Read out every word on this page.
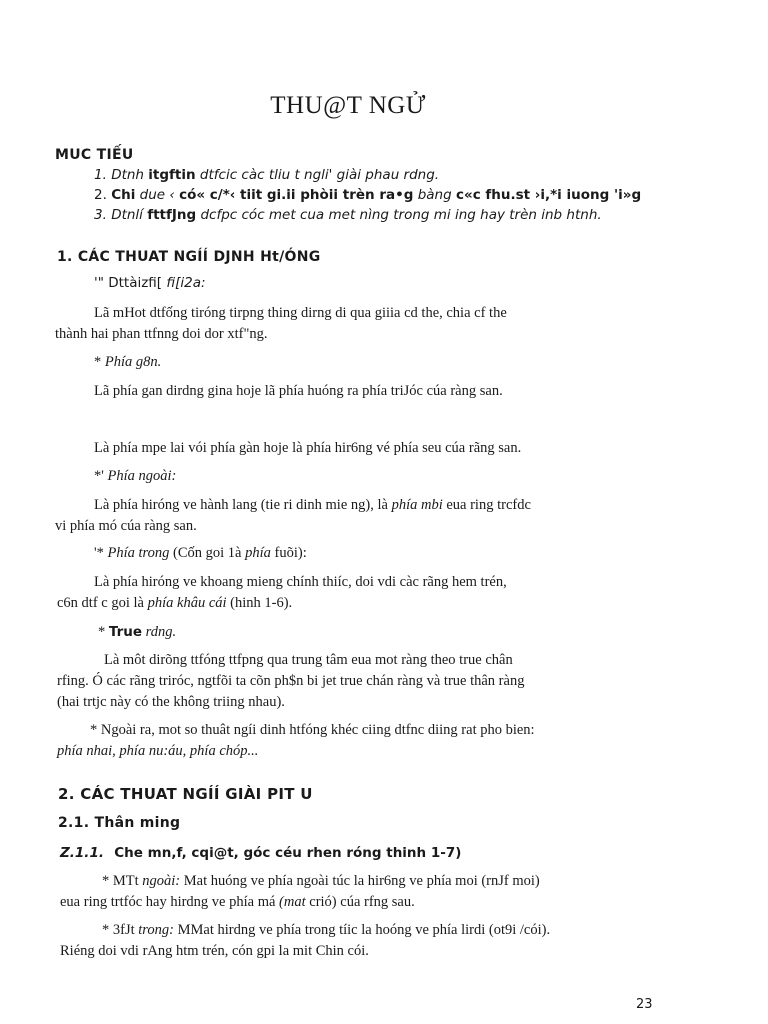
THU@T NGỬ
MUC TIẾU
1. Dtnh itgftin dtfcic càc tliu t ngli' giài phau rdng.
2. Chi due ‹ có« c/*‹ tiit gi.ii phòii trèn ra•g bàng c«c fhu.st ›i,*i iuong 'i»g
3. Dtnlí fttfJng dcfpc cóc met cua met nìng trong mi ing hay trèn inb htnh.
1. CÁC THUAT NGÍÍ DJNH Ht/ÓNG
'" Dttàizfi[ fi[i2a:
Lã mHot dtfống tiróng tirpng thing dirng di qua giiia cd the, chia cf the
thành hai phan ttfnng doi dor xtf"ng.
* Phía g8n.
Lã phía gan dirdng gina hoje lã phía huóng ra phía triJóc cúa ràng san.
Là phía mpe lai vói phía gàn hoje là phía hir6ng vé phía seu cúa rãng san.
*' Phía ngoài:
Là phía hiróng ve hành lang (tie ri dinh mie ng), là phía mbi eua ring trcfdc
vi phía mó cúa ràng san.
'* Phía trong (Cốn goi 1à phía fuõi):
Là phía hiróng ve khoang mieng chính thiíc, doi vdi càc rãng hem trén,
c6n dtf c goi là phía khâu cái (hinh 1-6).
* True rdng.
Là môt dirõng ttfóng ttfpng qua trung tâm eua mot ràng theo true chân
rfing. Ó các rãng triróc, ngtfõi ta cõn ph$n bi jet true chán ràng và true thân ràng
(hai trtjc này có the không triing nhau).
* Ngoài ra, mot so thuât ngíi dinh htfóng khéc ciing dtfnc diing rat pho bien:
phía nhai, phía nu:áu, phía chóp...
2. CÁC THUAT NGÍÍ GIÀI PIT U
2.1. Thân ming
Z.1.1. Che mn,f, cqi@t, góc céu rhen róng thinh 1-7)
* MTt ngoài: Mat huóng ve phía ngoài túc la hir6ng ve phía moi (rnJf moi)
eua ring trtfóc hay hirdng ve phía má (mat crió) cúa rfng sau.
* 3fJt trong: MMat hirdng ve phía trong tíic la hoóng ve phía lirdi (ot9i /cói).
Riéng doi vdi rAng htm trén, cón gpi la mit Chin cói.
23
